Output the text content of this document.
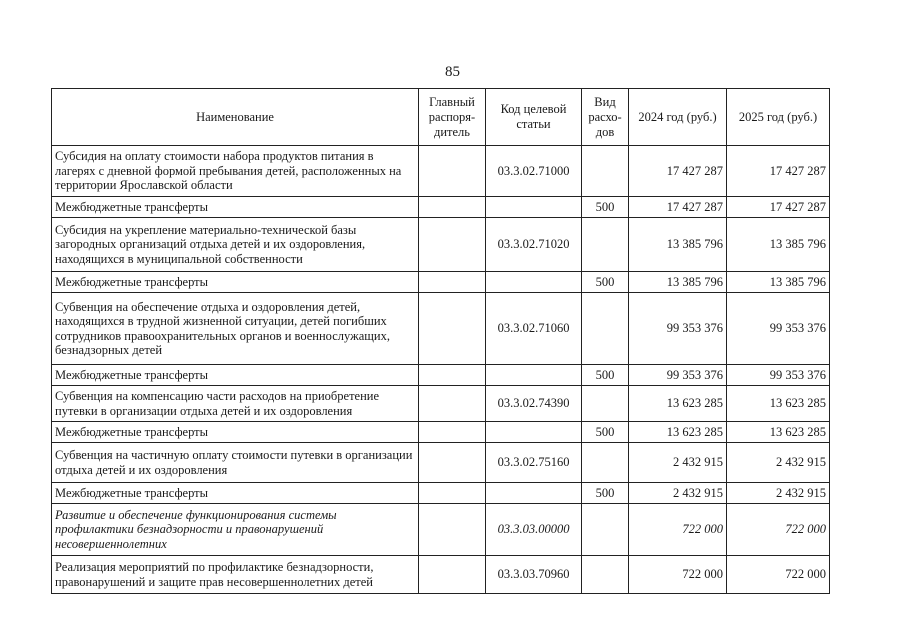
85
Наименование	Главный распоря-дитель	Код целевой статьи	Вид расхо-дов	2024 год (руб.)	2025 год (руб.)
Субсидия на оплату стоимости набора продуктов питания в лагерях с дневной формой пребывания детей, расположенных на территории Ярославской области		03.3.02.71000		17 427 287	17 427 287
Межбюджетные трансферты			500	17 427 287	17 427 287
Субсидия на укрепление материально-технической базы загородных организаций отдыха детей и их оздоровления, находящихся в муниципальной собственности		03.3.02.71020		13 385 796	13 385 796
Межбюджетные трансферты			500	13 385 796	13 385 796
Субвенция на обеспечение отдыха и оздоровления детей, находящихся в трудной жизненной ситуации, детей погибших сотрудников правоохранительных органов и военнослужащих, безнадзорных детей		03.3.02.71060		99 353 376	99 353 376
Межбюджетные трансферты			500	99 353 376	99 353 376
Субвенция на компенсацию части расходов на приобретение путевки в организации отдыха детей и их оздоровления		03.3.02.74390		13 623 285	13 623 285
Межбюджетные трансферты			500	13 623 285	13 623 285
Субвенция на частичную оплату стоимости путевки в организации отдыха детей и их оздоровления		03.3.02.75160		2 432 915	2 432 915
Межбюджетные трансферты			500	2 432 915	2 432 915
Развитие и обеспечение функционирования системы профилактики безнадзорности и правонарушений несовершеннолетних		03.3.03.00000		722 000	722 000
Реализация мероприятий по профилактике безнадзорности, правонарушений и защите прав несовершеннолетних детей		03.3.03.70960		722 000	722 000
